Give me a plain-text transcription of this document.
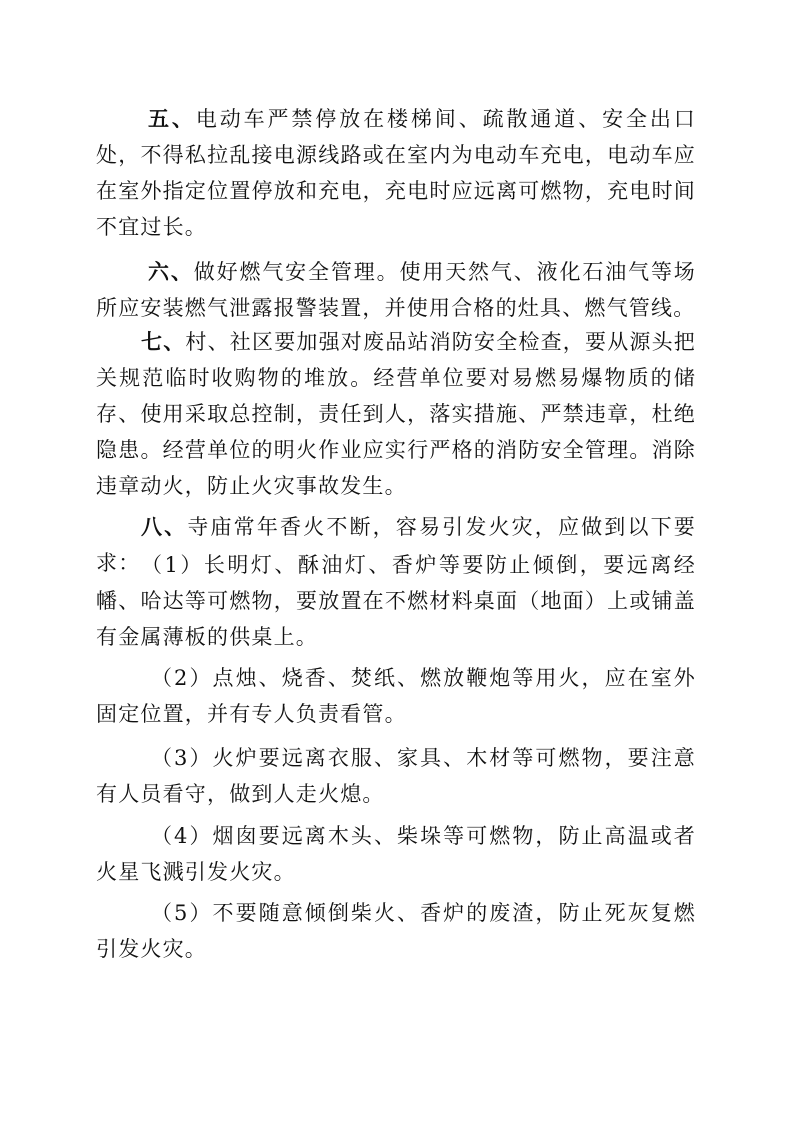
五、电动车严禁停放在楼梯间、疏散通道、安全出口处，不得私拉乱接电源线路或在室内为电动车充电，电动车应在室外指定位置停放和充电，充电时应远离可燃物，充电时间不宜过长。

六、做好燃气安全管理。使用天然气、液化石油气等场所应安装燃气泄露报警装置，并使用合格的灶具、燃气管线。

七、村、社区要加强对废品站消防安全检查，要从源头把关规范临时收购物的堆放。经营单位要对易燃易爆物质的储存、使用采取总控制，责任到人，落实措施、严禁违章，杜绝隐患。经营单位的明火作业应实行严格的消防安全管理。消除违章动火，防止火灾事故发生。

八、寺庙常年香火不断，容易引发火灾，应做到以下要求： （1）长明灯、酥油灯、香炉等要防止倾倒，要远离经幡、哈达等可燃物，要放置在不燃材料桌面（地面）上或铺盖有金属薄板的供桌上。

（2）点烛、烧香、焚纸、燃放鞭炮等用火，应在室外固定位置，并有专人负责看管。

（3）火炉要远离衣服、家具、木材等可燃物，要注意有人员看守，做到人走火熄。

（4）烟囱要远离木头、柴垛等可燃物，防止高温或者火星飞溅引发火灾。

（5）不要随意倾倒柴火、香炉的废渣，防止死灰复燃引发火灾。
